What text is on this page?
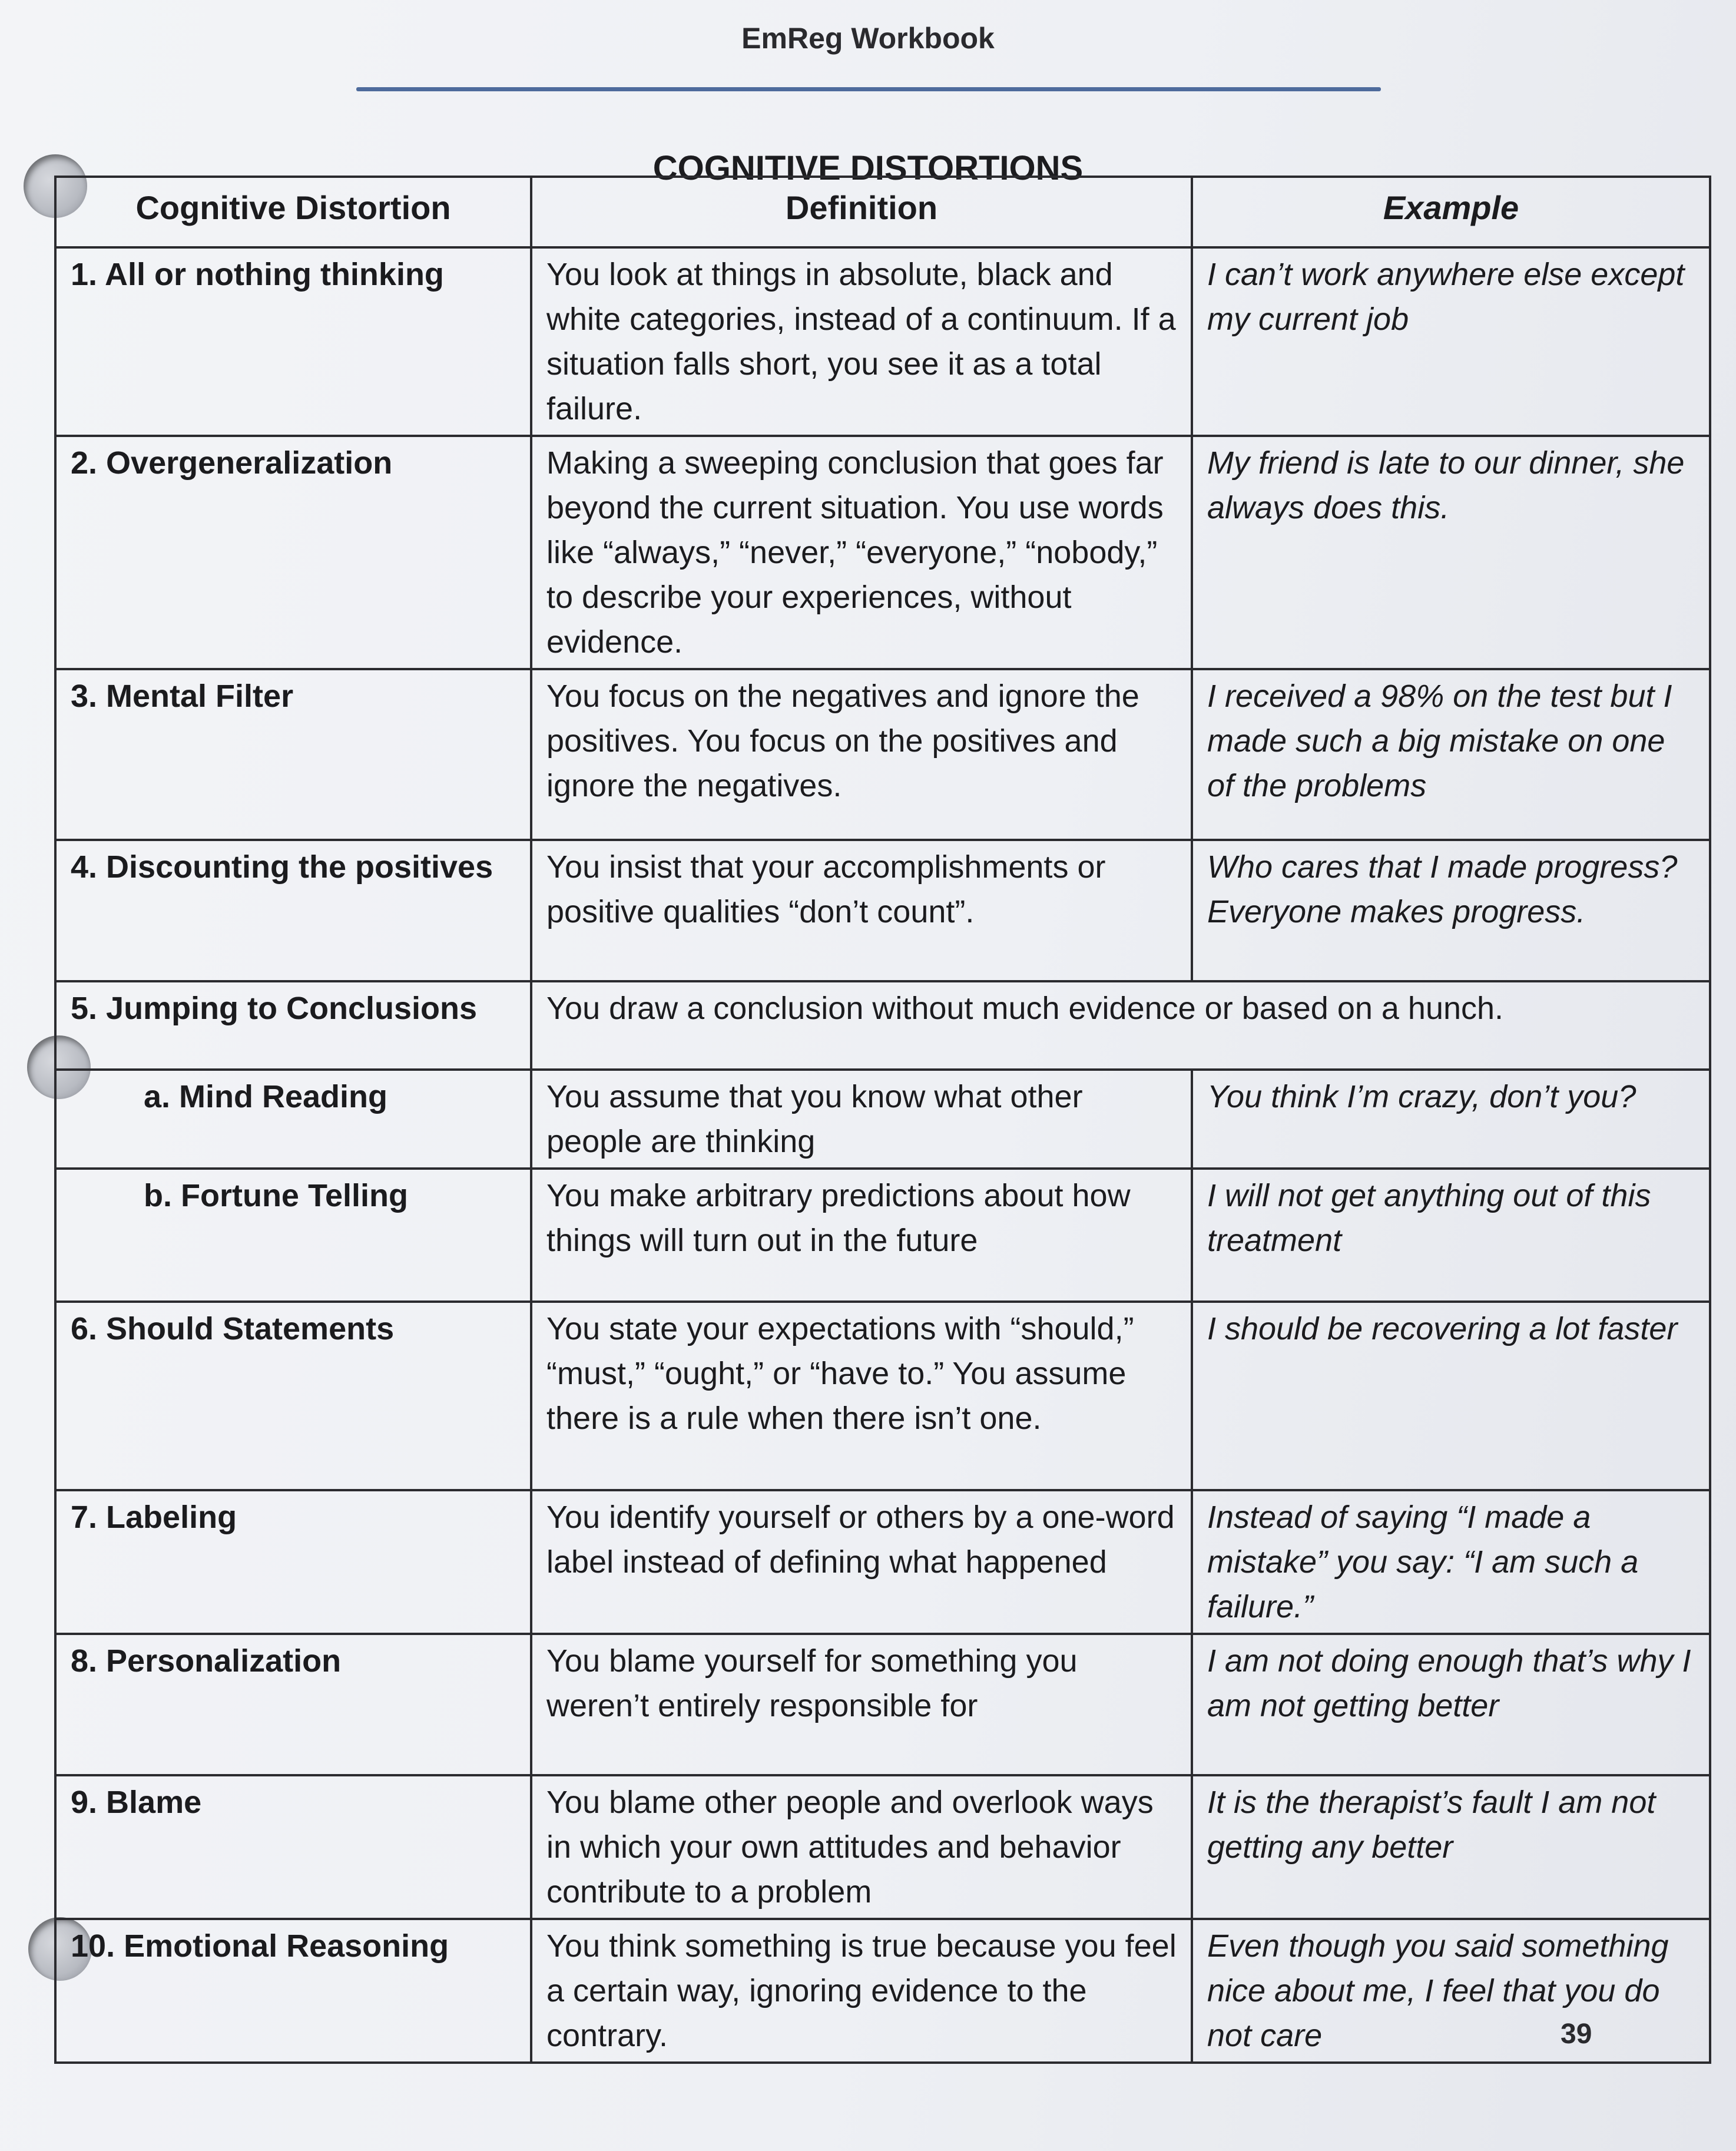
EmReg Workbook
COGNITIVE DISTORTIONS
Cognitive Distortion	Definition	Example
1. All or nothing thinking	You look at things in absolute, black and white categories, instead of a continuum. If a situation falls short, you see it as a total failure.	I can’t work anywhere else except my current job
2. Overgeneralization	Making a sweeping conclusion that goes far beyond the current situation. You use words like “always,” “never,” “everyone,” “nobody,” to describe your experiences, without evidence.	My friend is late to our dinner, she always does this.
3. Mental Filter	You focus on the negatives and ignore the positives. You focus on the positives and ignore the negatives.	I received a 98% on the test but I made such a big mistake on one of the problems
4. Discounting the positives	You insist that your accomplishments or positive qualities “don’t count”.	Who cares that I made progress? Everyone makes progress.
5. Jumping to Conclusions	You draw a conclusion without much evidence or based on a hunch.	
a. Mind Reading	You assume that you know what other people are thinking	You think I’m crazy, don’t you?
b. Fortune Telling	You make arbitrary predictions about how things will turn out in the future	I will not get anything out of this treatment
6. Should Statements	You state your expectations with “should,” “must,” “ought,” or “have to.” You assume there is a rule when there isn’t one.	I should be recovering a lot faster
7. Labeling	You identify yourself or others by a one-word label instead of defining what happened	Instead of saying “I made a mistake” you say: “I am such a failure.”
8. Personalization	You blame yourself for something you weren’t entirely responsible for	I am not doing enough that’s why I am not getting better
9. Blame	You blame other people and overlook ways in which your own attitudes and behavior contribute to a problem	It is the therapist’s fault I am not getting any better
10. Emotional Reasoning	You think something is true because you feel a certain way, ignoring evidence to the contrary.	Even though you said something nice about me, I feel that you do not care	39
